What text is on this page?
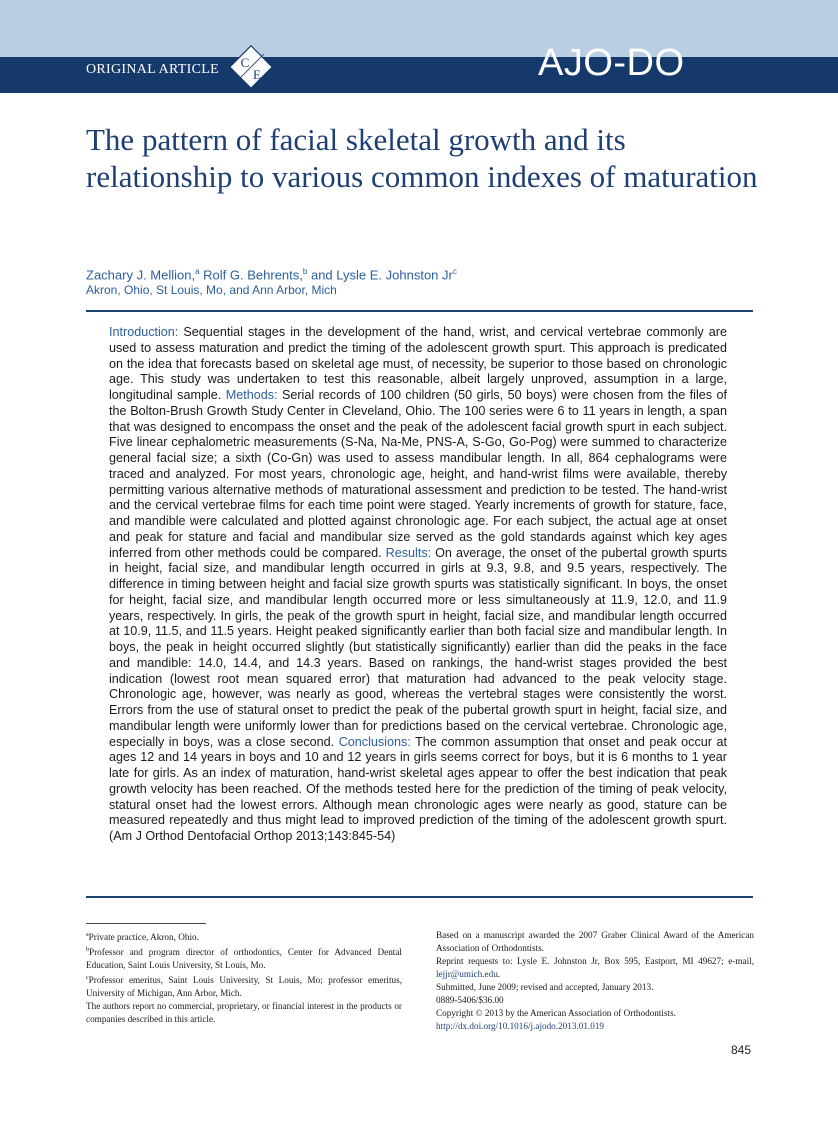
ORIGINAL ARTICLE C
E	AJO-DO
The pattern of facial skeletal growth and its relationship to various common indexes of maturation
Zachary J. Mellion,$^a$ Rolf G. Behrents,$^b$ and Lysle E. Johnston Jr$^c$
Akron, Ohio, St Louis, Mo, and Ann Arbor, Mich

Introduction: Sequential stages in the development of the hand, wrist, and cervical vertebrae commonly are used to assess maturation and predict the timing of the adolescent growth spurt. This approach is predicated on the idea that forecasts based on skeletal age must, of necessity, be superior to those based on chronologic age. This study was undertaken to test this reasonable, albeit largely unproved, assumption in a large, longitudinal sample. Methods: Serial records of 100 children (50 girls, 50 boys) were chosen from the files of the Bolton-Brush Growth Study Center in Cleveland, Ohio. The 100 series were 6 to 11 years in length, a span that was designed to encompass the onset and the peak of the adolescent facial growth spurt in each subject. Five linear cephalometric measurements (S-Na, Na-Me, PNS-A, S-Go, Go-Pog) were summed to characterize general facial size; a sixth (Co-Gn) was used to assess mandibular length. In all, 864 cephalograms were traced and analyzed. For most years, chronologic age, height, and hand-wrist films were available, thereby permitting various alternative methods of maturational assessment and prediction to be tested. The hand-wrist and the cervical vertebrae films for each time point were staged. Yearly increments of growth for stature, face, and mandible were calculated and plotted against chronologic age. For each subject, the actual age at onset and peak for stature and facial and mandibular size served as the gold standards against which key ages inferred from other methods could be compared. Results: On average, the onset of the pubertal growth spurts in height, facial size, and mandibular length occurred in girls at 9.3, 9.8, and 9.5 years, respectively. The difference in timing between height and facial size growth spurts was statistically significant. In boys, the onset for height, facial size, and mandibular length occurred more or less simultaneously at 11.9, 12.0, and 11.9 years, respectively. In girls, the peak of the growth spurt in height, facial size, and mandibular length occurred at 10.9, 11.5, and 11.5 years. Height peaked significantly earlier than both facial size and mandibular length. In boys, the peak in height occurred slightly (but statistically significantly) earlier than did the peaks in the face and mandible: 14.0, 14.4, and 14.3 years. Based on rankings, the hand-wrist stages provided the best indication (lowest root mean squared error) that maturation had advanced to the peak velocity stage. Chronologic age, however, was nearly as good, whereas the vertebral stages were consistently the worst. Errors from the use of statural onset to predict the peak of the pubertal growth spurt in height, facial size, and mandibular length were uniformly lower than for predictions based on the cervical vertebrae. Chronologic age, especially in boys, was a close second. Conclusions: The common assumption that onset and peak occur at ages 12 and 14 years in boys and 10 and 12 years in girls seems correct for boys, but it is 6 months to 1 year late for girls. As an index of maturation, hand-wrist skeletal ages appear to offer the best indication that peak growth velocity has been reached. Of the methods tested here for the prediction of the timing of peak velocity, statural onset had the lowest errors. Although mean chronologic ages were nearly as good, stature can be measured repeatedly and thus might lead to improved prediction of the timing of the adolescent growth spurt. (Am J Orthod Dentofacial Orthop 2013;143:845-54)

$^a$Private practice, Akron, Ohio.

$^b$Professor and program director of orthodontics, Center for Advanced Dental Education, Saint Louis University, St Louis, Mo.

$^c$Professor emeritus, Saint Louis University, St Louis, Mo; professor emeritus, University of Michigan, Ann Arbor, Mich.

The authors report no commercial, proprietary, or financial interest in the products or companies described in this article.

Based on a manuscript awarded the 2007 Graber Clinical Award of the American Association of Orthodontists.

Reprint requests to: Lysle E. Johnston Jr, Box 595, Eastport, MI 49627; e-mail, lejjr@umich.edu.

Submitted, June 2009; revised and accepted, January 2013.

0889-5406/$36.00

Copyright © 2013 by the American Association of Orthodontists.

http://dx.doi.org/10.1016/j.ajodo.2013.01.019

845
